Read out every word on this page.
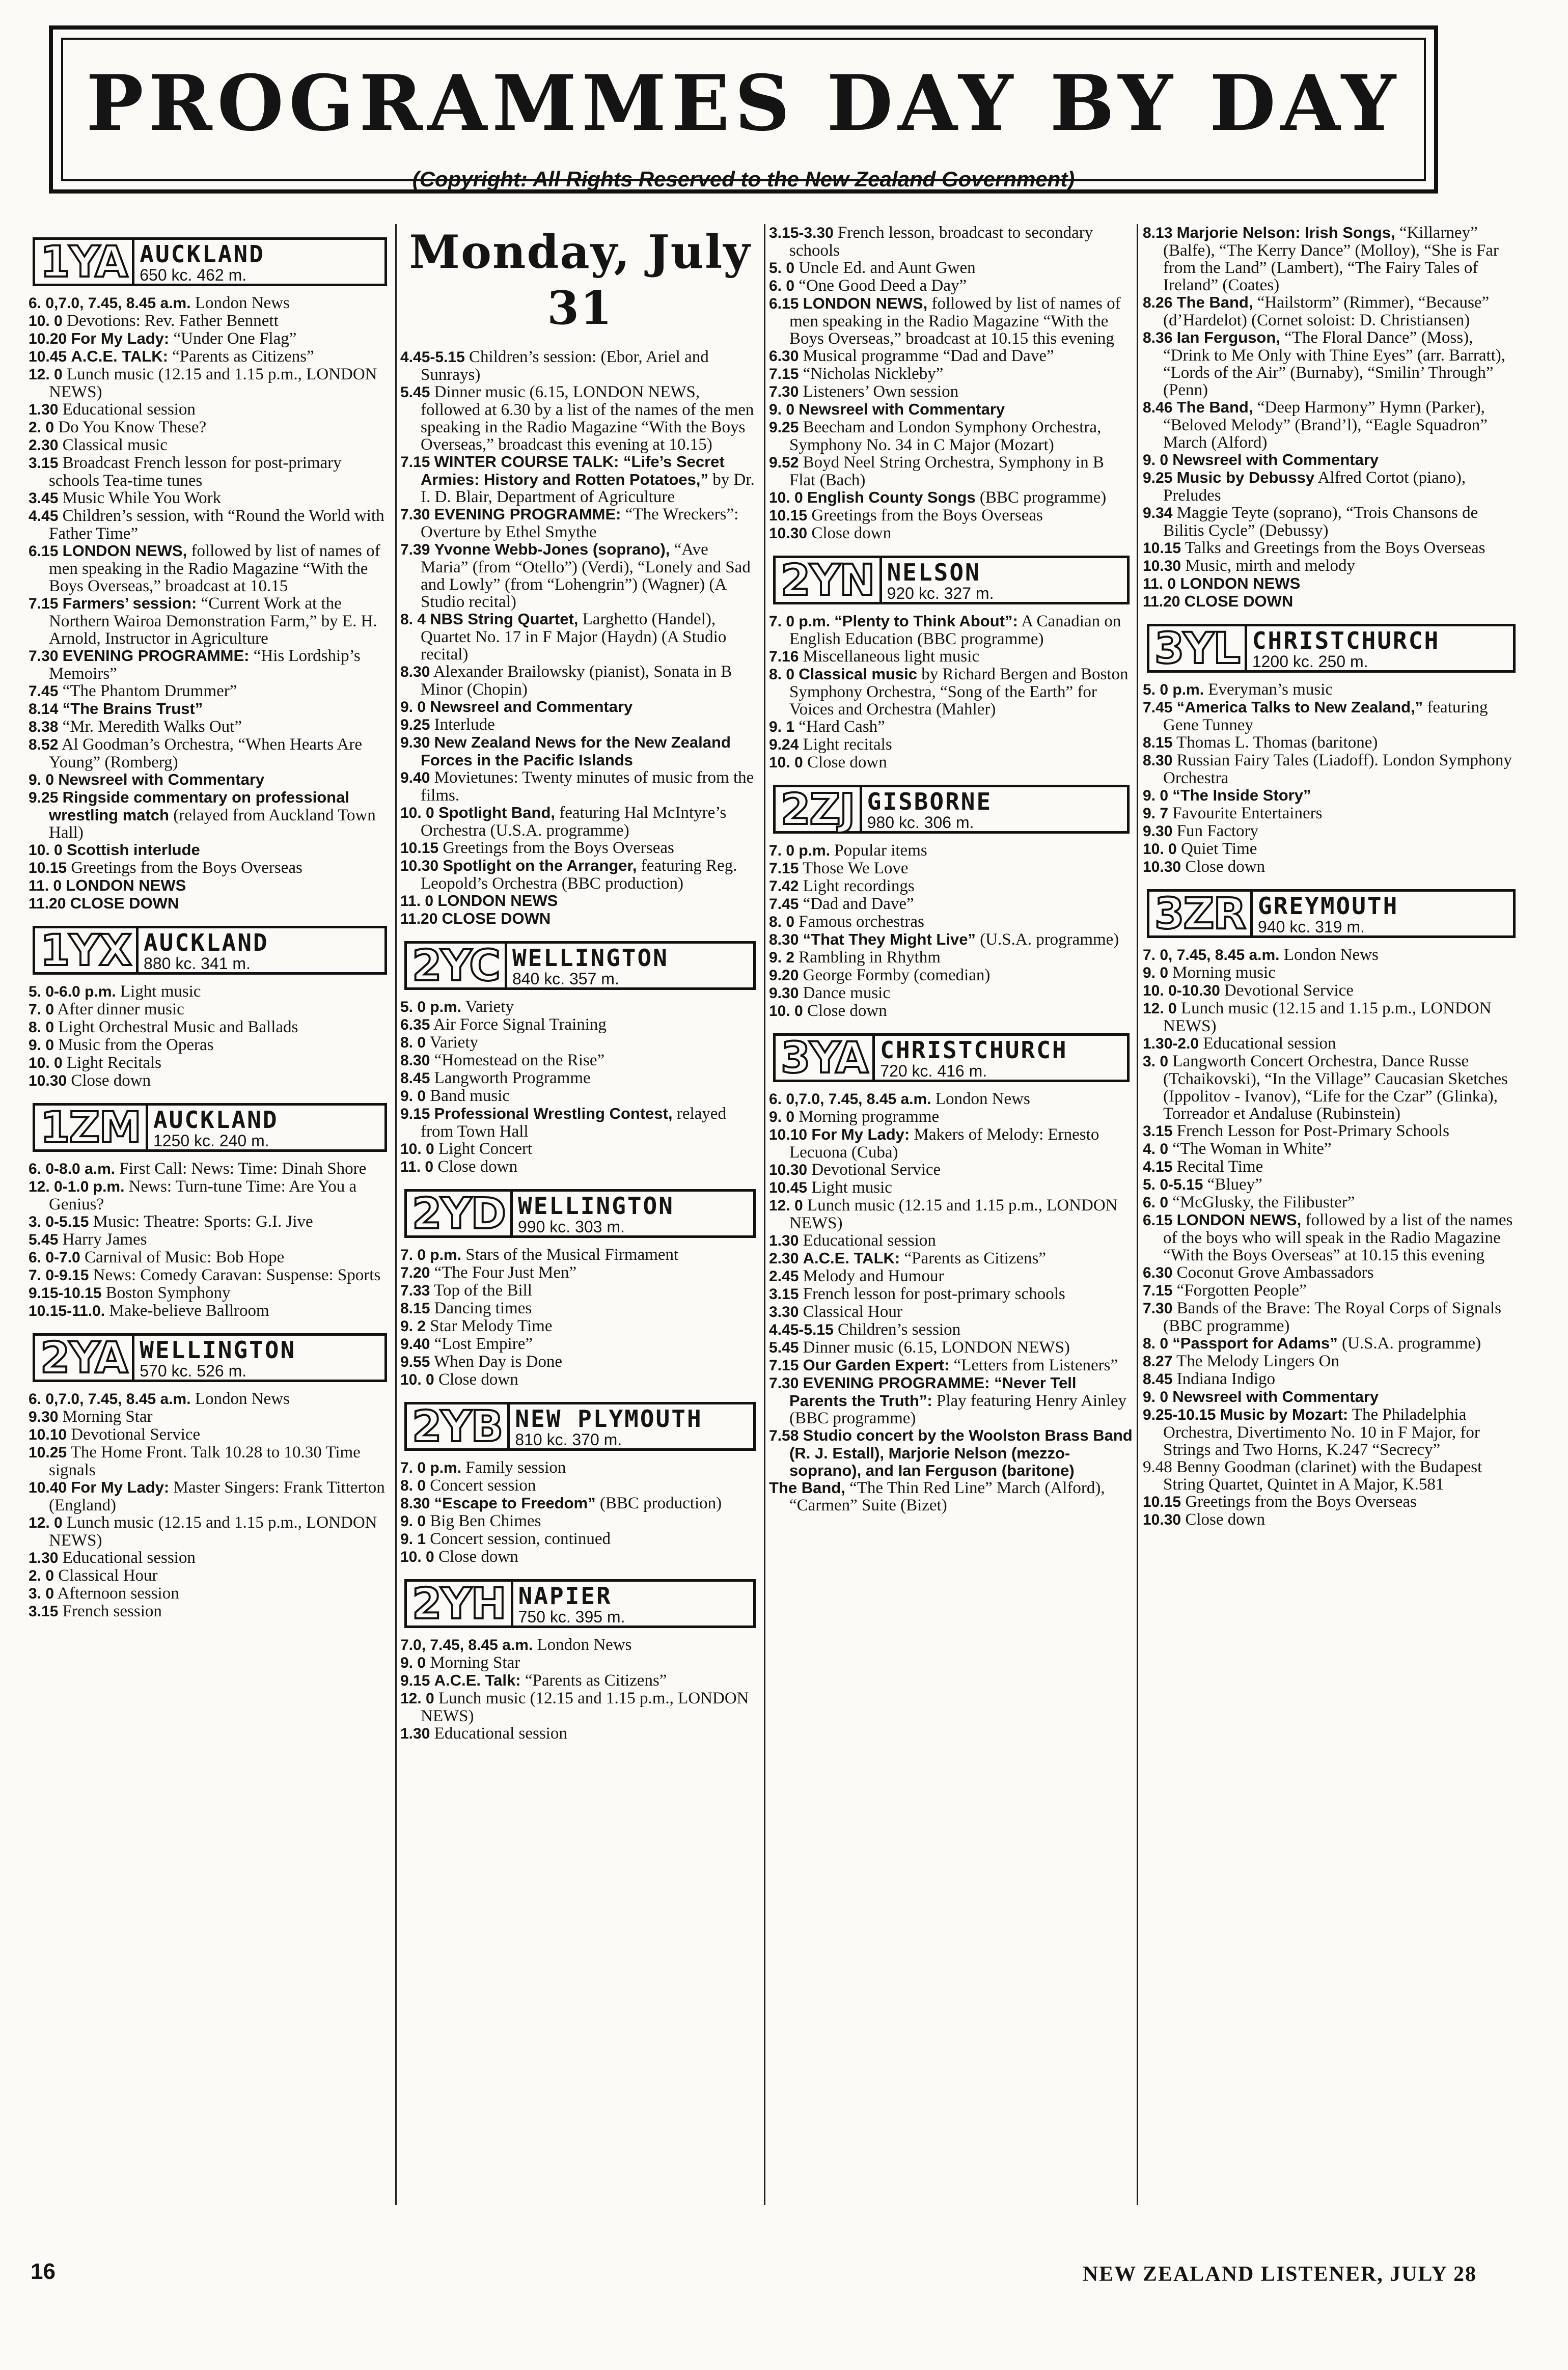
PROGRAMMES DAY BY DAY
(Copyright: All Rights Reserved to the New Zealand Government)
1YA AUCKLAND
650 kc. 462 m.

6. 0,7.0, 7.45, 8.45 a.m. London News

10. 0 Devotions: Rev. Father Bennett

10.20 For My Lady: “Under One Flag”

10.45 A.C.E. TALK: “Parents as Citizens”

12. 0 Lunch music (12.15 and 1.15 p.m., LONDON NEWS)

1.30 Educational session

2. 0 Do You Know These?

2.30 Classical music

3.15 Broadcast French lesson for post-primary schools Tea-time tunes

3.45 Music While You Work

4.45 Children’s session, with “Round the World with Father Time”

6.15 LONDON NEWS, followed by list of names of men speaking in the Radio Magazine “With the Boys Overseas,” broadcast at 10.15

7.15 Farmers’ session: “Current Work at the Northern Wairoa Demonstration Farm,” by E. H. Arnold, Instructor in Agriculture

7.30 EVENING PROGRAMME: “His Lordship’s Memoirs”

7.45 “The Phantom Drummer”

8.14 “The Brains Trust”

8.38 “Mr. Meredith Walks Out”

8.52 Al Goodman’s Orchestra, “When Hearts Are Young” (Romberg)

9. 0 Newsreel with Commentary

9.25 Ringside commentary on professional wrestling match (relayed from Auckland Town Hall)

10. 0 Scottish interlude

10.15 Greetings from the Boys Overseas

11. 0 LONDON NEWS

11.20 CLOSE DOWN

1YX AUCKLAND
880 kc. 341 m.

5. 0-6.0 p.m. Light music

7. 0 After dinner music

8. 0 Light Orchestral Music and Ballads

9. 0 Music from the Operas

10. 0 Light Recitals

10.30 Close down

1ZM AUCKLAND
1250 kc. 240 m.

6. 0-8.0 a.m. First Call: News: Time: Dinah Shore

12. 0-1.0 p.m. News: Turn-tune Time: Are You a Genius?

3. 0-5.15 Music: Theatre: Sports: G.I. Jive

5.45 Harry James

6. 0-7.0 Carnival of Music: Bob Hope

7. 0-9.15 News: Comedy Caravan: Suspense: Sports

9.15-10.15 Boston Symphony

10.15-11.0. Make-believe Ballroom

2YA WELLINGTON
570 kc. 526 m.

6. 0,7.0, 7.45, 8.45 a.m. London News

9.30 Morning Star

10.10 Devotional Service

10.25 The Home Front. Talk 10.28 to 10.30 Time signals

10.40 For My Lady: Master Singers: Frank Titterton (England)

12. 0 Lunch music (12.15 and 1.15 p.m., LONDON NEWS)

1.30 Educational session

2. 0 Classical Hour

3. 0 Afternoon session

3.15 French session

Monday, July 31

4.45-5.15 Children’s session: (Ebor, Ariel and Sunrays)

5.45 Dinner music (6.15, LONDON NEWS, followed at 6.30 by a list of the names of the men speaking in the Radio Magazine “With the Boys Overseas,” broadcast this evening at 10.15)

7.15 WINTER COURSE TALK: “Life’s Secret Armies: History and Rotten Potatoes,” by Dr. I. D. Blair, Department of Agriculture

7.30 EVENING PROGRAMME: “The Wreckers”: Overture by Ethel Smythe

7.39 Yvonne Webb-Jones (soprano), “Ave Maria” (from “Otello”) (Verdi), “Lonely and Sad and Lowly” (from “Lohengrin”) (Wagner) (A Studio recital)

8. 4 NBS String Quartet, Larghetto (Handel), Quartet No. 17 in F Major (Haydn) (A Studio recital)

8.30 Alexander Brailowsky (pianist), Sonata in B Minor (Chopin)

9. 0 Newsreel and Commentary

9.25 Interlude

9.30 New Zealand News for the New Zealand Forces in the Pacific Islands

9.40 Movietunes: Twenty minutes of music from the films.

10. 0 Spotlight Band, featuring Hal McIntyre’s Orchestra (U.S.A. programme)

10.15 Greetings from the Boys Overseas

10.30 Spotlight on the Arranger, featuring Reg. Leopold’s Orchestra (BBC production)

11. 0 LONDON NEWS

11.20 CLOSE DOWN

2YC WELLINGTON
840 kc. 357 m.

5. 0 p.m. Variety

6.35 Air Force Signal Training

8. 0 Variety

8.30 “Homestead on the Rise”

8.45 Langworth Programme

9. 0 Band music

9.15 Professional Wrestling Contest, relayed from Town Hall

10. 0 Light Concert

11. 0 Close down

2YD WELLINGTON
990 kc. 303 m.

7. 0 p.m. Stars of the Musical Firmament

7.20 “The Four Just Men”

7.33 Top of the Bill

8.15 Dancing times

9. 2 Star Melody Time

9.40 “Lost Empire”

9.55 When Day is Done

10. 0 Close down

2YB NEW PLYMOUTH
810 kc. 370 m.

7. 0 p.m. Family session

8. 0 Concert session

8.30 “Escape to Freedom” (BBC production)

9. 0 Big Ben Chimes

9. 1 Concert session, continued

10. 0 Close down

2YH NAPIER
750 kc. 395 m.

7.0, 7.45, 8.45 a.m. London News

9. 0 Morning Star

9.15 A.C.E. Talk: “Parents as Citizens”

12. 0 Lunch music (12.15 and 1.15 p.m., LONDON NEWS)

1.30 Educational session

3.15-3.30 French lesson, broadcast to secondary schools

5. 0 Uncle Ed. and Aunt Gwen

6. 0 “One Good Deed a Day”

6.15 LONDON NEWS, followed by list of names of men speaking in the Radio Magazine “With the Boys Overseas,” broadcast at 10.15 this evening

6.30 Musical programme “Dad and Dave”

7.15 “Nicholas Nickleby”

7.30 Listeners’ Own session

9. 0 Newsreel with Commentary

9.25 Beecham and London Symphony Orchestra, Symphony No. 34 in C Major (Mozart)

9.52 Boyd Neel String Orchestra, Symphony in B Flat (Bach)

10. 0 English County Songs (BBC programme)

10.15 Greetings from the Boys Overseas

10.30 Close down

2YN NELSON
920 kc. 327 m.

7. 0 p.m. “Plenty to Think About”: A Canadian on English Education (BBC programme)

7.16 Miscellaneous light music

8. 0 Classical music by Richard Bergen and Boston Symphony Orchestra, “Song of the Earth” for Voices and Orchestra (Mahler)

9. 1 “Hard Cash”

9.24 Light recitals

10. 0 Close down

2ZJ GISBORNE
980 kc. 306 m.

7. 0 p.m. Popular items

7.15 Those We Love

7.42 Light recordings

7.45 “Dad and Dave”

8. 0 Famous orchestras

8.30 “That They Might Live” (U.S.A. programme)

9. 2 Rambling in Rhythm

9.20 George Formby (comedian)

9.30 Dance music

10. 0 Close down

3YA CHRISTCHURCH
720 kc. 416 m.

6. 0,7.0, 7.45, 8.45 a.m. London News

9. 0 Morning programme

10.10 For My Lady: Makers of Melody: Ernesto Lecuona (Cuba)

10.30 Devotional Service

10.45 Light music

12. 0 Lunch music (12.15 and 1.15 p.m., LONDON NEWS)

1.30 Educational session

2.30 A.C.E. TALK: “Parents as Citizens”

2.45 Melody and Humour

3.15 French lesson for post-primary schools

3.30 Classical Hour

4.45-5.15 Children’s session

5.45 Dinner music (6.15, LONDON NEWS)

7.15 Our Garden Expert: “Letters from Listeners”

7.30 EVENING PROGRAMME: “Never Tell Parents the Truth”: Play featuring Henry Ainley (BBC programme)

7.58 Studio concert by the Woolston Brass Band (R. J. Estall), Marjorie Nelson (mezzo-soprano), and Ian Ferguson (baritone)

The Band, “The Thin Red Line” March (Alford), “Carmen” Suite (Bizet)

8.13 Marjorie Nelson: Irish Songs, “Killarney” (Balfe), “The Kerry Dance” (Molloy), “She is Far from the Land” (Lambert), “The Fairy Tales of Ireland” (Coates)

8.26 The Band, “Hailstorm” (Rimmer), “Because” (d’Hardelot) (Cornet soloist: D. Christiansen)

8.36 Ian Ferguson, “The Floral Dance” (Moss), “Drink to Me Only with Thine Eyes” (arr. Barratt), “Lords of the Air” (Burnaby), “Smilin’ Through” (Penn)

8.46 The Band, “Deep Harmony” Hymn (Parker), “Beloved Melody” (Brand’l), “Eagle Squadron” March (Alford)

9. 0 Newsreel with Commentary

9.25 Music by Debussy Alfred Cortot (piano), Preludes

9.34 Maggie Teyte (soprano), “Trois Chansons de Bilitis Cycle” (Debussy)

10.15 Talks and Greetings from the Boys Overseas

10.30 Music, mirth and melody

11. 0 LONDON NEWS

11.20 CLOSE DOWN

3YL CHRISTCHURCH
1200 kc. 250 m.

5. 0 p.m. Everyman’s music

7.45 “America Talks to New Zealand,” featuring Gene Tunney

8.15 Thomas L. Thomas (baritone)

8.30 Russian Fairy Tales (Liadoff). London Symphony Orchestra

9. 0 “The Inside Story”

9. 7 Favourite Entertainers

9.30 Fun Factory

10. 0 Quiet Time

10.30 Close down

3ZR GREYMOUTH
940 kc. 319 m.

7. 0, 7.45, 8.45 a.m. London News

9. 0 Morning music

10. 0-10.30 Devotional Service

12. 0 Lunch music (12.15 and 1.15 p.m., LONDON NEWS)

1.30-2.0 Educational session

3. 0 Langworth Concert Orchestra, Dance Russe (Tchaikovski), “In the Village” Caucasian Sketches (Ippolitov - Ivanov), “Life for the Czar” (Glinka), Torreador et Andaluse (Rubinstein)

3.15 French Lesson for Post-Primary Schools

4. 0 “The Woman in White”

4.15 Recital Time

5. 0-5.15 “Bluey”

6. 0 “McGlusky, the Filibuster”

6.15 LONDON NEWS, followed by a list of the names of the boys who will speak in the Radio Magazine “With the Boys Overseas” at 10.15 this evening

6.30 Coconut Grove Ambassadors

7.15 “Forgotten People”

7.30 Bands of the Brave: The Royal Corps of Signals (BBC programme)

8. 0 “Passport for Adams” (U.S.A. programme)

8.27 The Melody Lingers On

8.45 Indiana Indigo

9. 0 Newsreel with Commentary

9.25-10.15 Music by Mozart: The Philadelphia Orchestra, Divertimento No. 10 in F Major, for Strings and Two Horns, K.247 “Secrecy”

9.48 Benny Goodman (clarinet) with the Budapest String Quartet, Quintet in A Major, K.581

10.15 Greetings from the Boys Overseas

10.30 Close down

16	NEW ZEALAND LISTENER, JULY 28
